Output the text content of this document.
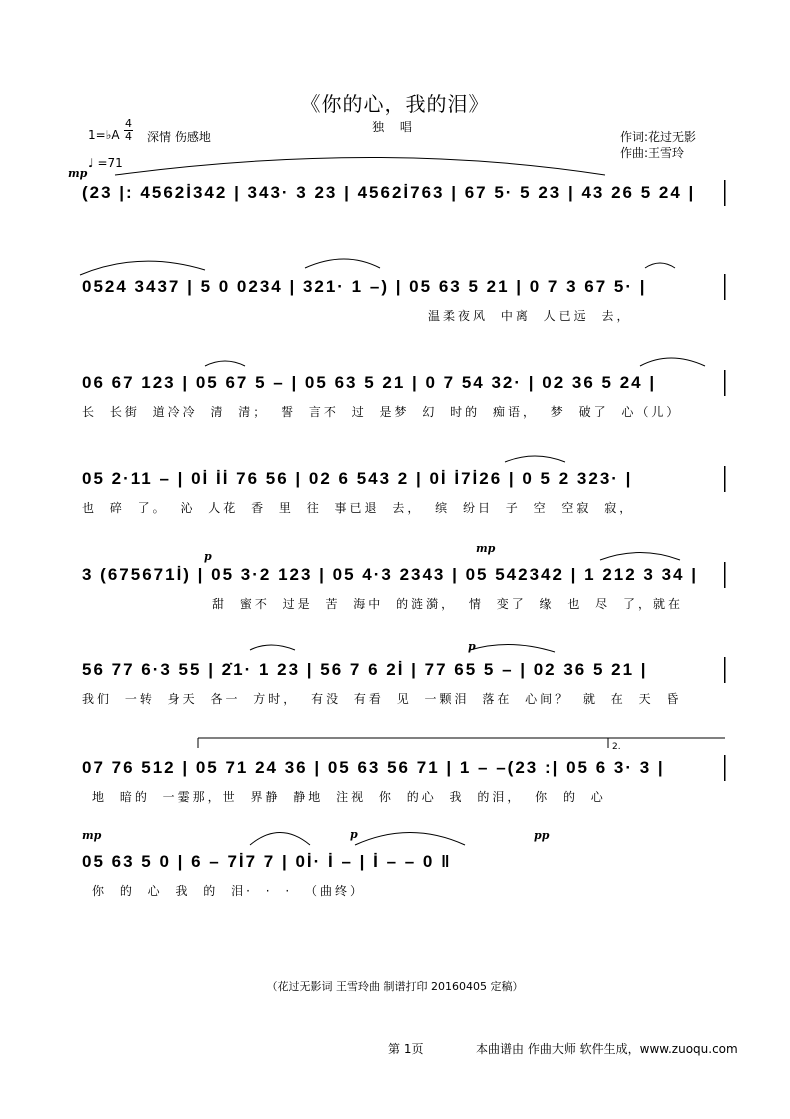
《你的心，我的泪》
独 唱
1=♭A
4
4 深情 伤感地
♩ =71
作词:花过无影
作曲:王雪玲
mp
p
mp
p
p
mp	pp
2.
(23 |: 4562İ342 | 343· 3 23 | 4562İ763 | 67 5· 5 23 | 43 26 5 24 |
0524 3437 | 5 0 0234 | 321· 1 –) | 05 63 5 21 | 0 7 3 67 5· |
温柔夜风 中离 人已远 去，
06 67 123 | 05 67 5 – | 05 63 5 21 | 0 7 54 32· | 02 36 5 24 |
长 长街 道冷冷 清 清； 誓 言不 过 是梦 幻 时的 痴语， 梦 破了 心（儿）
05 2·11 – | 0İ İİ 76 56 | 02 6 543 2 | 0İ İ7İ26 | 0 5 2 323· |
也 碎 了。 沁 人花 香 里 往 事已退 去， 缤 纷日 子 空 空寂 寂，
3 (675671İ) | 05 3·2 123 | 05 4·3 2343 | 05 542342 | 1 212 3 34 |
甜 蜜不 过是 苦 海中 的涟漪， 情 变了 缘 也 尽 了，就在
56 77 6·3 55 | 2̇1· 1 23 | 56 7 6 2İ | 77 65 5 – | 02 36 5 21 |
我们 一转 身天 各一 方时， 有没 有看 见 一颗泪 落在 心间？ 就 在 天 昏
07 76 512 | 05 71 24 36 | 05 63 56 71 | 1 – –(23 :| 05 6 3· 3 |
地 暗的 一霎那，世 界静 静地 注视 你 的心 我 的泪， 你 的 心
05 63 5 0 | 6 – 7İ7 7 | 0İ· İ – | İ – – 0 ‖
你 的 心 我 的 泪· · · （曲终）
（花过无影词 王雪玲曲 制谱打印 20160405 定稿）
第 1页	本曲谱由 作曲大师 软件生成，www.zuoqu.com
